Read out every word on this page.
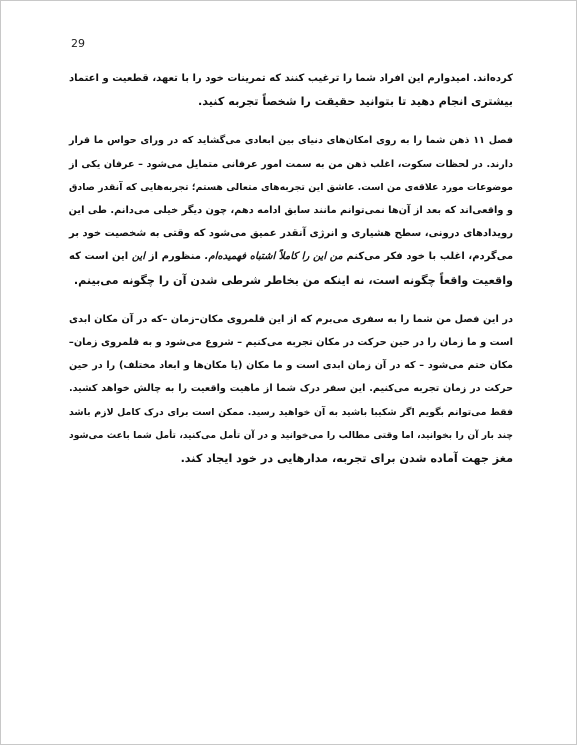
29

کرده‌اند. امیدوارم این افراد شما را ترغیب کنند که تمرینات خود را با تعهد، قطعیت و اعتماد
بیشتری انجام دهید تا بتوانید حقیقت را شخصاً تجربه کنید.

فصل ۱۱ ذهن شما را به روی امکان‌های دنیای بین ابعادی می‌گشاید که در ورای حواس ما قرار
دارند. در لحظات سکوت، اغلب ذهن من به سمت امور عرفانی متمایل می‌شود – عرفان یکی از
موضوعات مورد علاقه‌ی من است. عاشق این تجربه‌های متعالی هستم؛ تجربه‌هایی که آنقدر صادق
و واقعی‌اند که بعد از آن‌ها نمی‌توانم مانند سابق ادامه دهم، چون دیگر خیلی می‌دانم. طی این
رویدادهای درونی، سطح هشیاری و انرژی آنقدر عمیق می‌شود که وقتی به شخصیت خود بر
می‌گردم، اغلب با خود فکر می‌کنم من این را کاملاً اشتباه فهمیده‌ام. منظورم از این این است که
واقعیت واقعاً چگونه است، نه اینکه من بخاطر شرطی شدن آن را چگونه می‌بینم.

در این فصل من شما را به سفری می‌برم که از این قلمروی مکان–زمان –که در آن مکان ابدی
است و ما زمان را در حین حرکت در مکان تجربه می‌کنیم – شروع می‌شود و به قلمروی زمان–
مکان ختم می‌شود – که در آن زمان ابدی است و ما مکان (یا مکان‌ها و ابعاد مختلف) را در حین
حرکت در زمان تجربه می‌کنیم. این سفر درک شما از ماهیت واقعیت را به چالش خواهد کشید.
فقط می‌توانم بگویم اگر شکیبا باشید به آن خواهید رسید. ممکن است برای درک کامل لازم باشد
چند بار آن را بخوانید، اما وقتی مطالب را می‌خوانید و در آن تأمل می‌کنید، تأمل شما باعث می‌شود
مغز جهت آماده شدن برای تجربه، مدارهایی در خود ایجاد کند.
